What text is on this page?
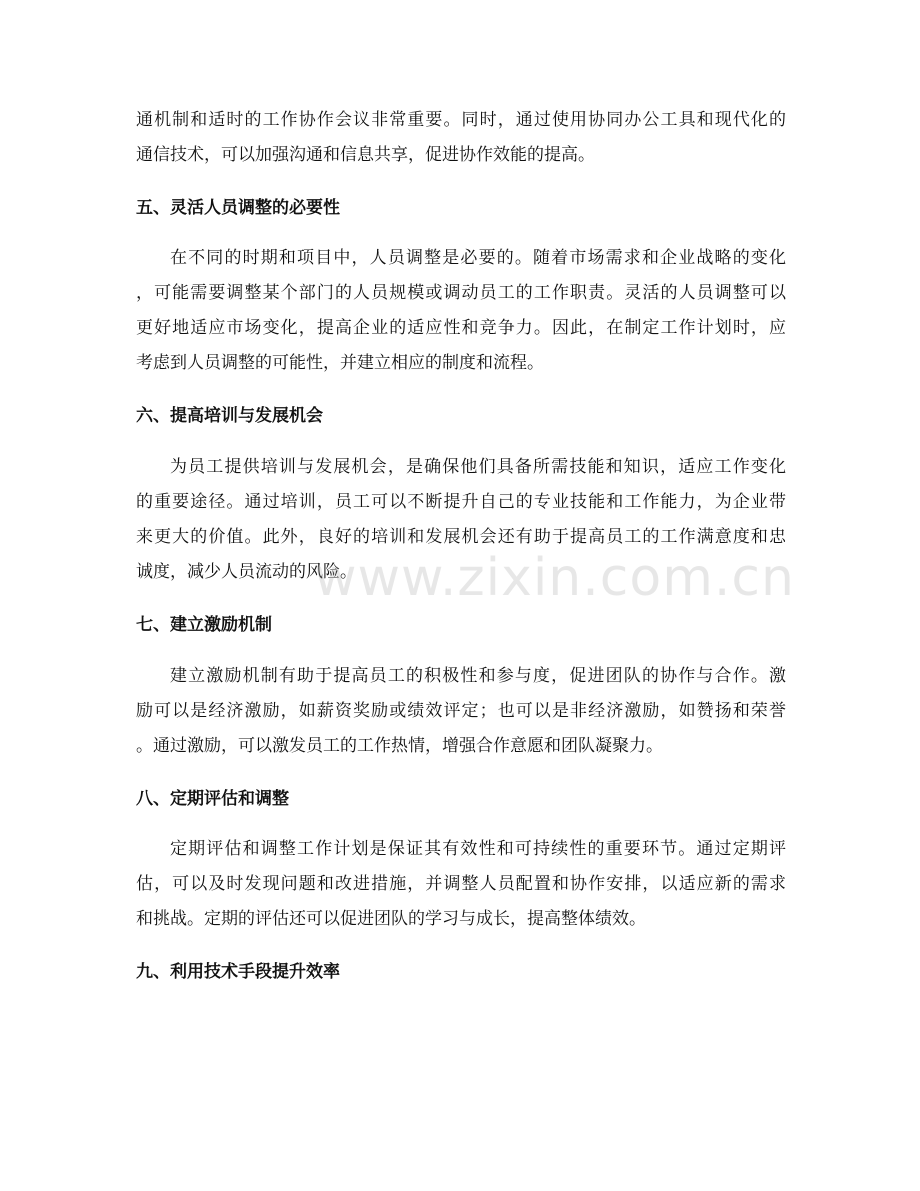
通机制和适时的工作协作会议非常重要。同时，通过使用协同办公工具和现代化的

通信技术，可以加强沟通和信息共享，促进协作效能的提高。

五、灵活人员调整的必要性

在不同的时期和项目中，人员调整是必要的。随着市场需求和企业战略的变化

，可能需要调整某个部门的人员规模或调动员工的工作职责。灵活的人员调整可以

更好地适应市场变化，提高企业的适应性和竞争力。因此，在制定工作计划时，应

考虑到人员调整的可能性，并建立相应的制度和流程。

六、提高培训与发展机会

为员工提供培训与发展机会，是确保他们具备所需技能和知识，适应工作变化

的重要途径。通过培训，员工可以不断提升自己的专业技能和工作能力，为企业带

来更大的价值。此外，良好的培训和发展机会还有助于提高员工的工作满意度和忠

诚度，减少人员流动的风险。

七、建立激励机制

建立激励机制有助于提高员工的积极性和参与度，促进团队的协作与合作。激

励可以是经济激励，如薪资奖励或绩效评定；也可以是非经济激励，如赞扬和荣誉

。通过激励，可以激发员工的工作热情，增强合作意愿和团队凝聚力。

八、定期评估和调整

定期评估和调整工作计划是保证其有效性和可持续性的重要环节。通过定期评

估，可以及时发现问题和改进措施，并调整人员配置和协作安排，以适应新的需求

和挑战。定期的评估还可以促进团队的学习与成长，提高整体绩效。

九、利用技术手段提升效率
www.zixin.com.cn
